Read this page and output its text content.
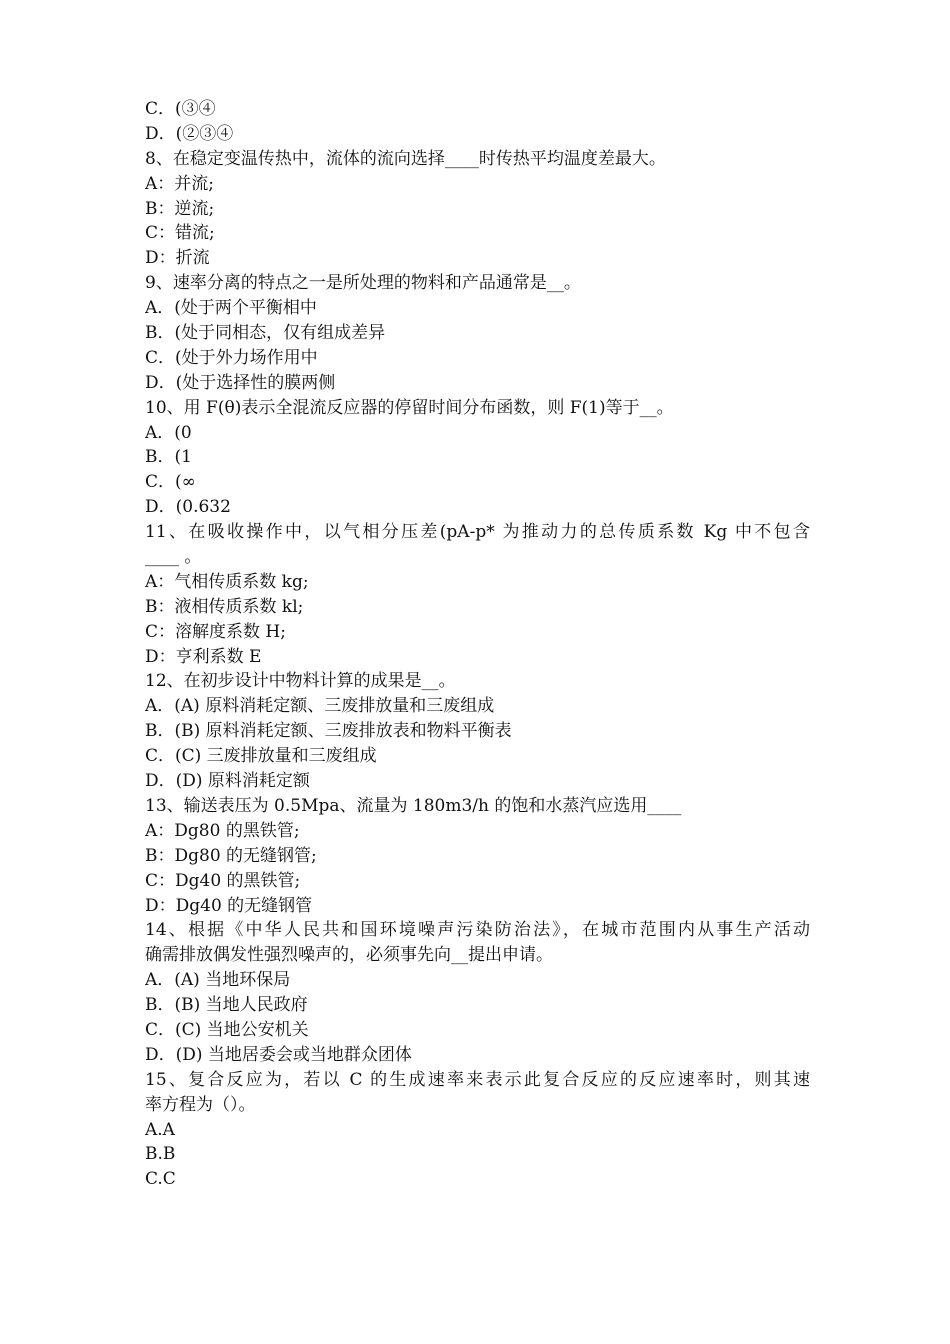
C．(③④
D．(②③④
8、在稳定变温传热中，流体的流向选择____时传热平均温度差最大。
A：并流;
B：逆流;
C：错流;
D：折流
9、速率分离的特点之一是所处理的物料和产品通常是__。
A．(处于两个平衡相中
B．(处于同相态，仅有组成差异
C．(处于外力场作用中
D．(处于选择性的膜两侧
10、用 F(θ)表示全混流反应器的停留时间分布函数，则 F(1)等于__。
A．(0
B．(1
C．(∞
D．(0.632
11、在吸收操作中，以气相分压差(pA-p* 为推动力的总传质系数 Kg 中不包含
____ 。
A：气相传质系数 kg;
B：液相传质系数 kl;
C：溶解度系数 H;
D：亨利系数 E
12、在初步设计中物料计算的成果是__。
A．(A) 原料消耗定额、三废排放量和三废组成
B．(B) 原料消耗定额、三废排放表和物料平衡表
C．(C) 三废排放量和三废组成
D．(D) 原料消耗定额
13、输送表压为 0.5Mpa、流量为 180m3/h 的饱和水蒸汽应选用____
A：Dg80 的黑铁管;
B：Dg80 的无缝钢管;
C：Dg40 的黑铁管;
D：Dg40 的无缝钢管
14、根据《中华人民共和国环境噪声污染防治法》，在城市范围内从事生产活动
确需排放偶发性强烈噪声的，必须事先向__提出申请。
A．(A) 当地环保局
B．(B) 当地人民政府
C．(C) 当地公安机关
D．(D) 当地居委会或当地群众团体
15、复合反应为，若以 C 的生成速率来表示此复合反应的反应速率时，则其速
率方程为（）。
A.A
B.B
C.C
